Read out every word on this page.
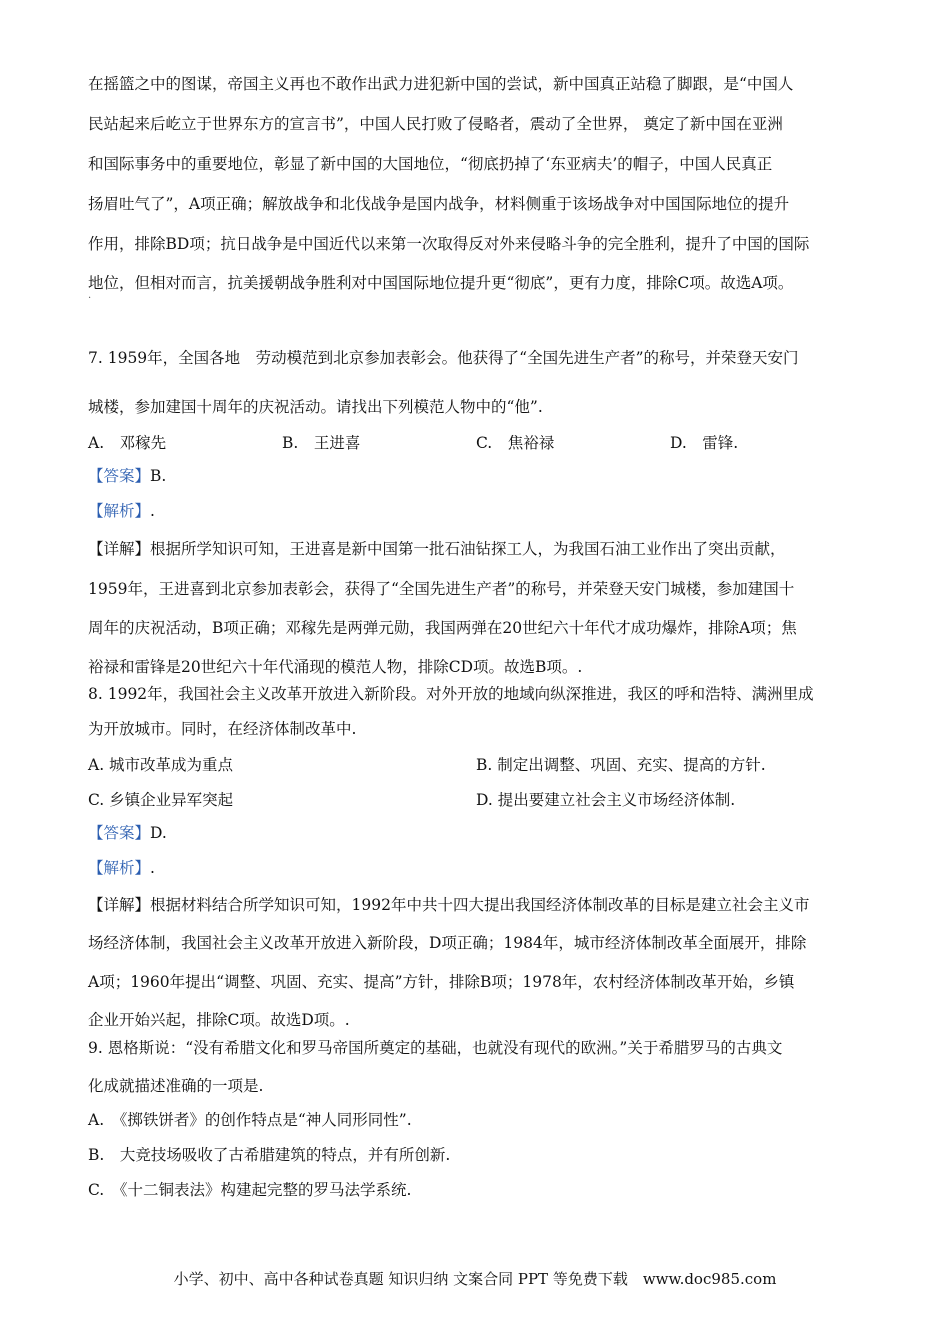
在摇篮之中的图谋，帝国主义再也不敢作出武力进犯新中国的尝试，新中国真正站稳了脚跟，是“中国人
民站起来后屹立于世界东方的宣言书”，中国人民打败了侵略者，震动了全世界， 奠定了新中国在亚洲
和国际事务中的重要地位，彰显了新中国的大国地位，“彻底扔掉了‘东亚病夫’的帽子，中国人民真正
扬眉吐气了”，A项正确；解放战争和北伐战争是国内战争，材料侧重于该场战争对中国国际地位的提升
作用，排除BD项；抗日战争是中国近代以来第一次取得反对外来侵略斗争的完全胜利，提升了中国的国际
地位，但相对而言，抗美援朝战争胜利对中国国际地位提升更“彻底”，更有力度，排除C项。故选A项。
.
7. 1959年，全国各地　劳动模范到北京参加表彰会。他获得了“全国先进生产者”的称号，并荣登天安门
城楼，参加建国十周年的庆祝活动。请找出下列模范人物中的“他”.
A.　邓稼先	B.　王进喜	C.　焦裕禄	D.　雷锋.
【答案】B.
【解析】.
【详解】根据所学知识可知，王进喜是新中国第一批石油钻探工人，为我国石油工业作出了突出贡献，
1959年，王进喜到北京参加表彰会，获得了“全国先进生产者”的称号，并荣登天安门城楼，参加建国十
周年的庆祝活动，B项正确；邓稼先是两弹元勋，我国两弹在20世纪六十年代才成功爆炸，排除A项；焦
裕禄和雷锋是20世纪六十年代涌现的模范人物，排除CD项。故选B项。.
8. 1992年，我国社会主义改革开放进入新阶段。对外开放的地域向纵深推进，我区的呼和浩特、满洲里成
为开放城市。同时，在经济体制改革中.
A. 城市改革成为重点	B. 制定出调整、巩固、充实、提高的方针.
C. 乡镇企业异军突起	D. 提出要建立社会主义市场经济体制.
【答案】D.
【解析】.
【详解】根据材料结合所学知识可知，1992年中共十四大提出我国经济体制改革的目标是建立社会主义市
场经济体制，我国社会主义改革开放进入新阶段，D项正确；1984年，城市经济体制改革全面展开，排除
A项；1960年提出“调整、巩固、充实、提高”方针，排除B项；1978年，农村经济体制改革开始，乡镇
企业开始兴起，排除C项。故选D项。.
9. 恩格斯说：“没有希腊文化和罗马帝国所奠定的基础，也就没有现代的欧洲。”关于希腊罗马的古典文
化成就描述准确的一项是.
A.　《掷铁饼者》的创作特点是“神人同形同性”.
B.　大竞技场吸收了古希腊建筑的特点，并有所创新.
C.　《十二铜表法》构建起完整的罗马法学系统.
小学、初中、高中各种试卷真题 知识归纳 文案合同 PPT 等免费下载　www.doc985.com
